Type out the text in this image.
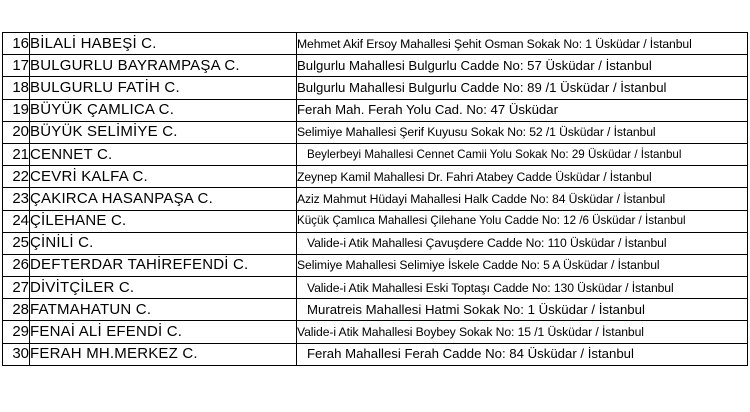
16	BİLALİ HABEŞİ C.	Mehmet Akif Ersoy Mahallesi Şehit Osman Sokak No: 1 Üsküdar / İstanbul
17	BULGURLU BAYRAMPAŞA C.	Bulgurlu Mahallesi Bulgurlu Cadde No: 57 Üsküdar / İstanbul
18	BULGURLU FATİH C.	Bulgurlu Mahallesi Bulgurlu Cadde No: 89 /1 Üsküdar / İstanbul
19	BÜYÜK ÇAMLICA C.	Ferah Mah. Ferah Yolu Cad. No: 47 Üsküdar
20	BÜYÜK SELİMİYE C.	Selimiye Mahallesi Şerif Kuyusu Sokak No: 52 /1 Üsküdar / İstanbul
21	CENNET C.	Beylerbeyi Mahallesi Cennet Camii Yolu Sokak No: 29 Üsküdar / İstanbul
22	CEVRİ KALFA C.	Zeynep Kamil Mahallesi Dr. Fahri Atabey Cadde Üsküdar / İstanbul
23	ÇAKIRCA HASANPAŞA C.	Aziz Mahmut Hüdayi Mahallesi Halk Cadde No: 84 Üsküdar / İstanbul
24	ÇİLEHANE C.	Küçük Çamlıca Mahallesi Çilehane Yolu Cadde No: 12 /6 Üsküdar / İstanbul
25	ÇİNİLİ C.	Valide-i Atik Mahallesi Çavuşdere Cadde No: 110 Üsküdar / İstanbul
26	DEFTERDAR TAHİREFENDİ C.	Selimiye Mahallesi Selimiye İskele Cadde No: 5 A Üsküdar / İstanbul
27	DİVİTÇİLER C.	Valide-i Atik Mahallesi Eski Toptaşı Cadde No: 130 Üsküdar / İstanbul
28	FATMAHATUN C.	Muratreis Mahallesi Hatmi Sokak No: 1 Üsküdar / İstanbul
29	FENAİ ALİ EFENDİ C.	Valide-i Atik Mahallesi Boybey Sokak No: 15 /1 Üsküdar / İstanbul
30	FERAH MH.MERKEZ C.	Ferah Mahallesi Ferah Cadde No: 84 Üsküdar / İstanbul
